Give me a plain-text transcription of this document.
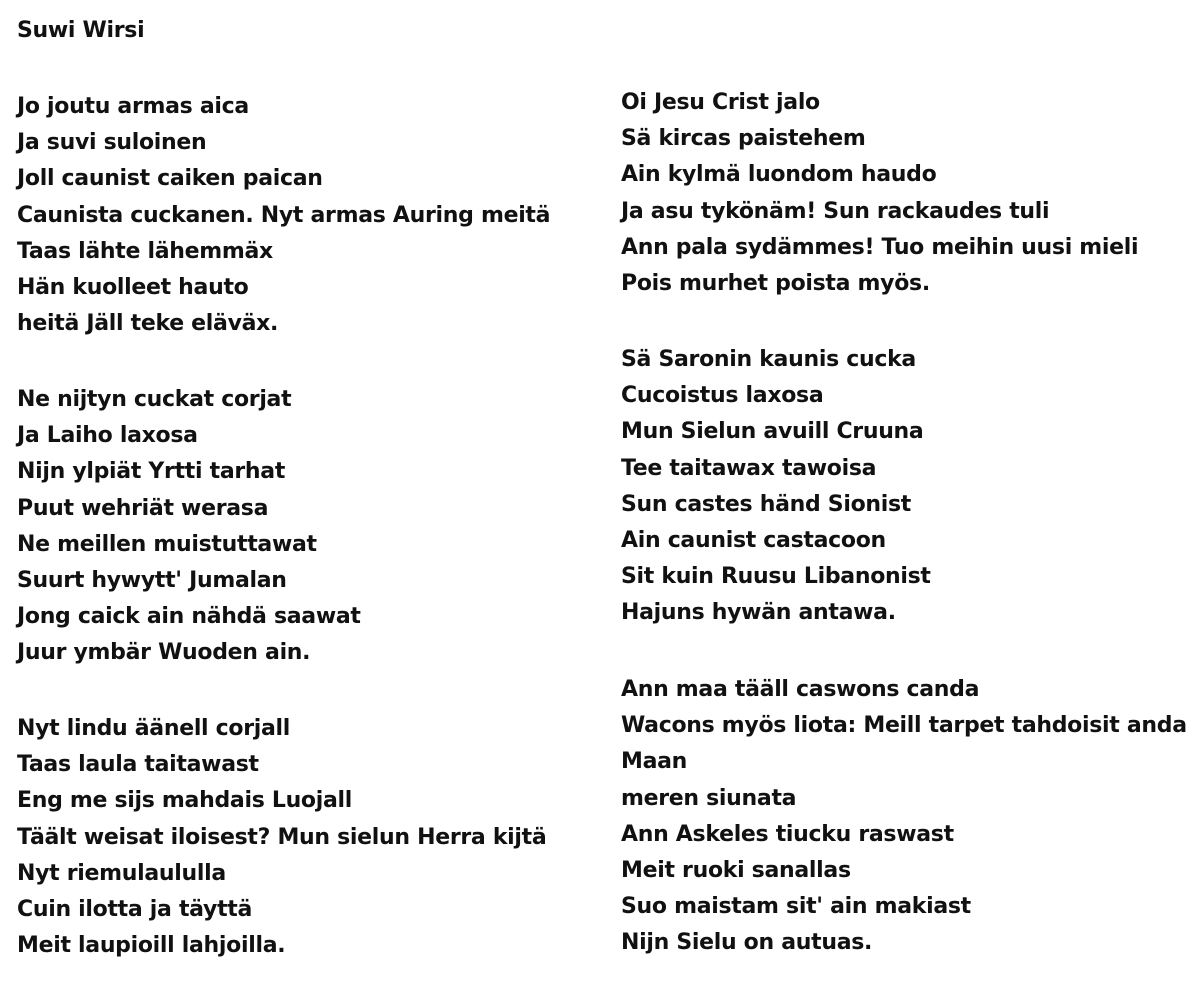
Suwi Wirsi
Jo joutu armas aica
Ja suvi suloinen
Joll caunist caiken paican
Caunista cuckanen. Nyt armas Auring meitä
Taas lähte lähemmäx
Hän kuolleet hauto
heitä Jäll teke eläväx.
Ne nijtyn cuckat corjat
Ja Laiho laxosa
Nijn ylpiät Yrtti tarhat
Puut wehriät werasa
Ne meillen muistuttawat
Suurt hywytt' Jumalan
Jong caick ain nähdä saawat
Juur ymbär Wuoden ain.
Nyt lindu äänell corjall
Taas laula taitawast
Eng me sijs mahdais Luojall
Täält weisat iloisest? Mun sielun Herra kijtä
Nyt riemulaululla
Cuin ilotta ja täyttä
Meit laupioill lahjoilla.
Oi Jesu Crist jalo
Sä kircas paistehem
Ain kylmä luondom haudo
Ja asu tykönäm! Sun rackaudes tuli
Ann pala sydämmes! Tuo meihin uusi mieli
Pois murhet poista myös.
Sä Saronin kaunis cucka
Cucoistus laxosa
Mun Sielun avuill Cruuna
Tee taitawax tawoisa
Sun castes händ Sionist
Ain caunist castacoon
Sit kuin Ruusu Libanonist
Hajuns hywän antawa.
Ann maa tääll caswons canda
Wacons myös liota: Meill tarpet tahdoisit anda
Maan
meren siunata
Ann Askeles tiucku raswast
Meit ruoki sanallas
Suo maistam sit' ain makiast
Nijn Sielu on autuas.
